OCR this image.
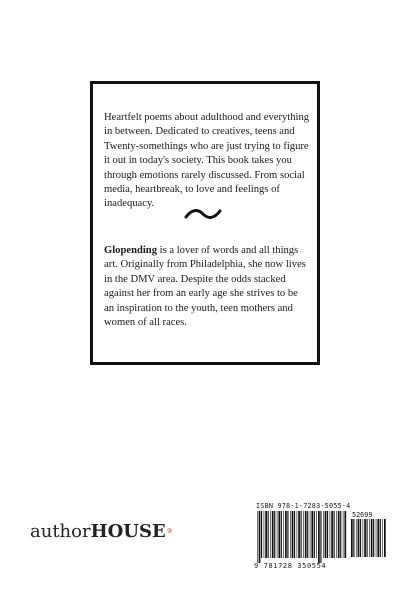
Heartfelt poems about adulthood and everything in between. Dedicated to creatives, teens and Twenty-somethings who are just trying to figure it out in today's society. This book takes you through emotions rarely discussed. From social media, heartbreak, to love and feelings of inadequacy.

Glopending is a lover of words and all things art. Originally from Philadelphia, she now lives in the DMV area. Despite the odds stacked against her from an early age she strives to be an inspiration to the youth, teen mothers and women of all races.

authorHOUSE®
ISBN 978-1-7283-5055-4
52699
9 781728 350554
